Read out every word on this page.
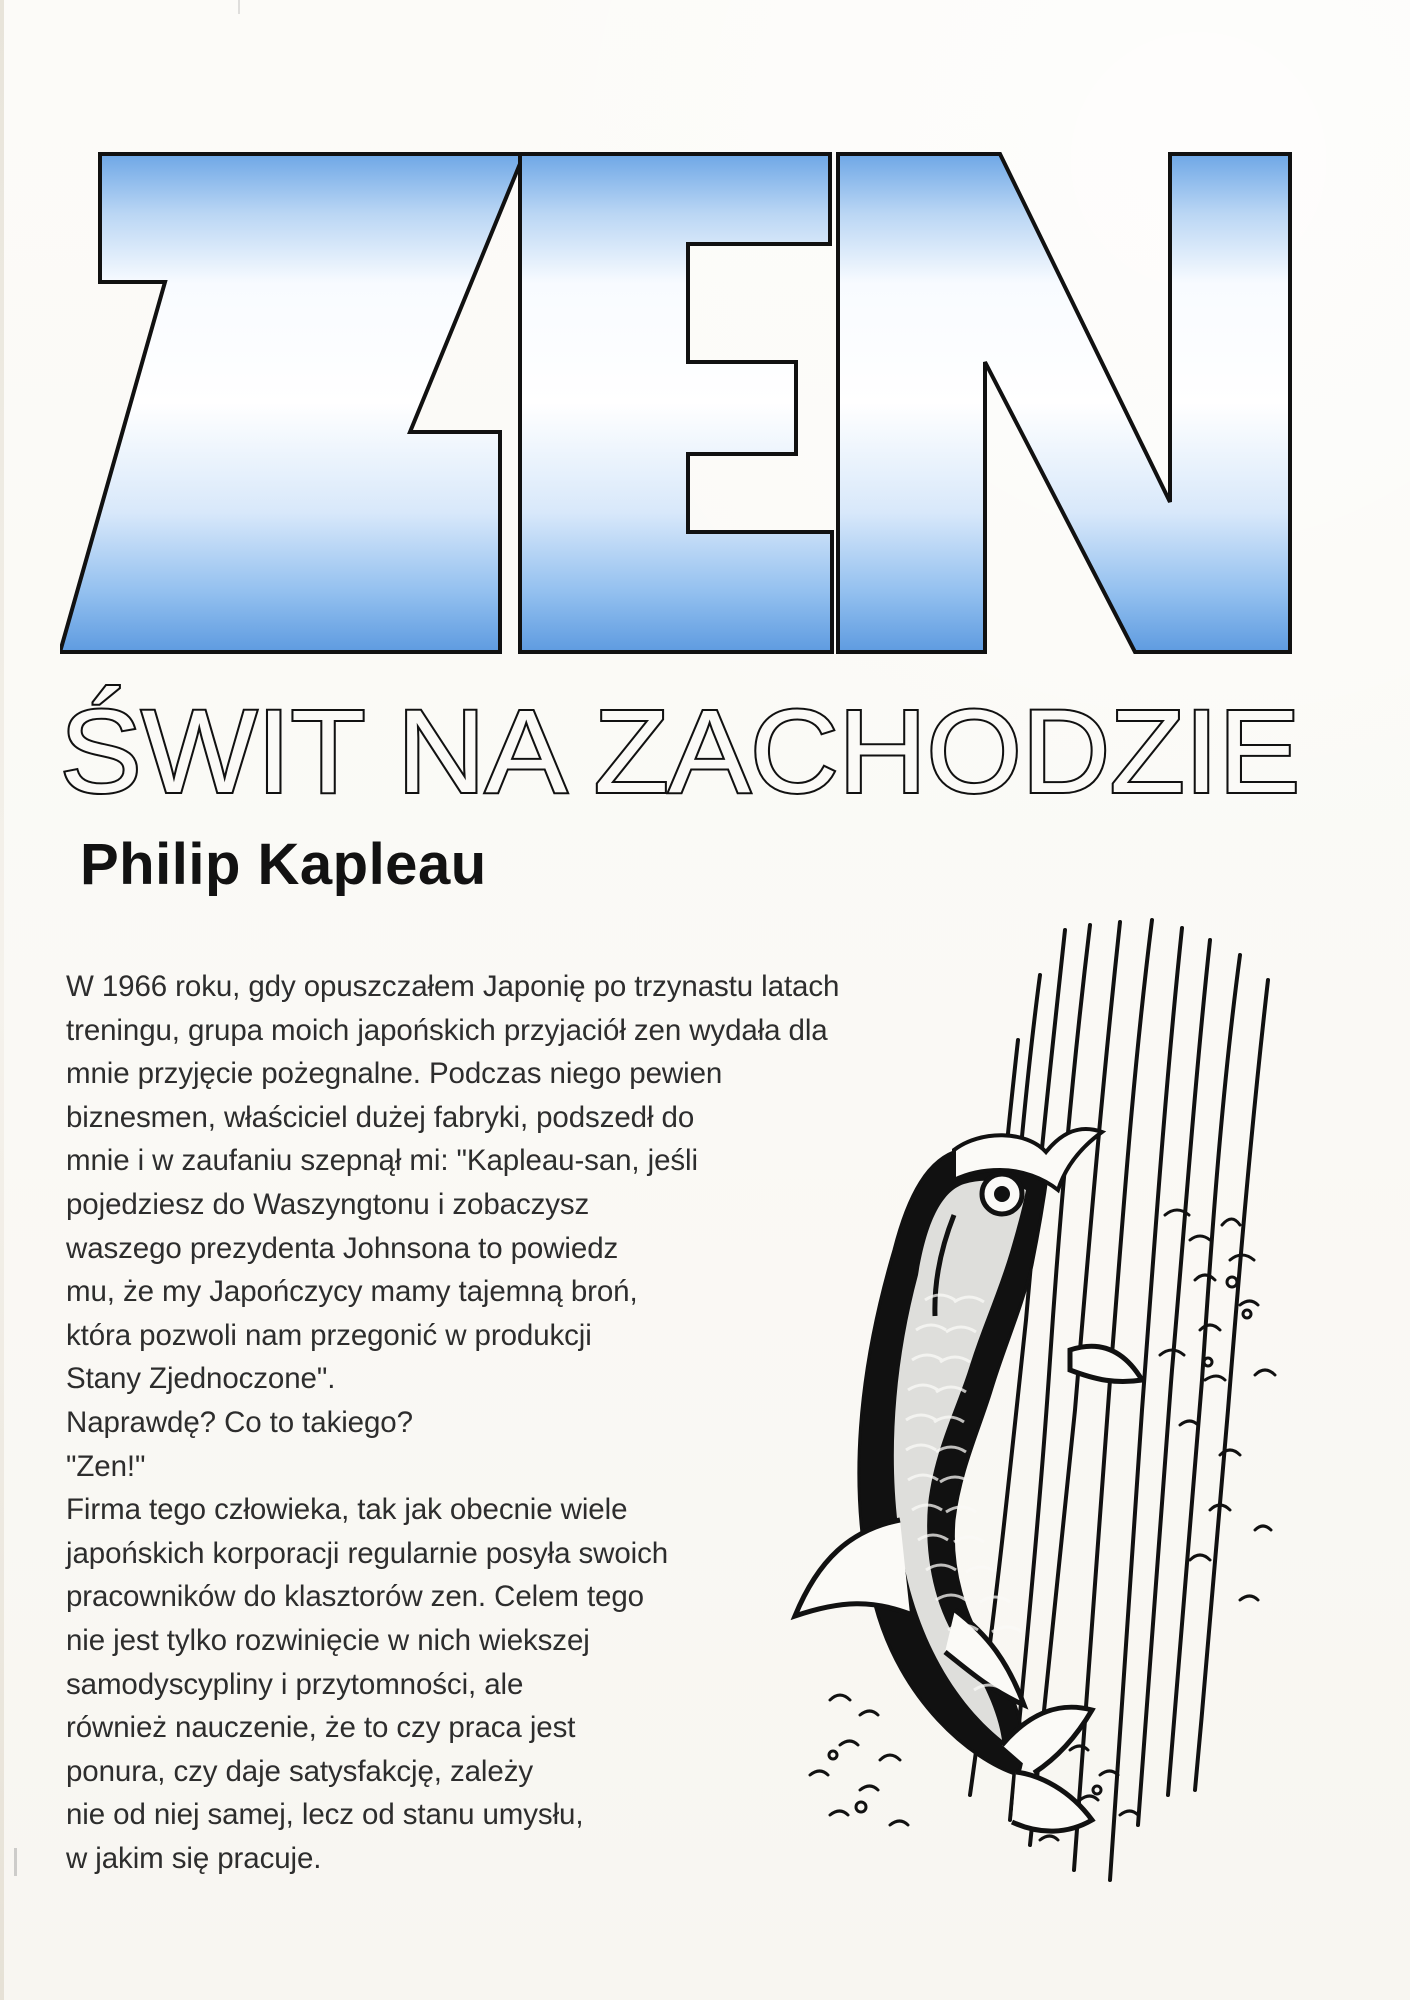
ŚWIT NA ZACHODZIE
Philip Kapleau
W 1966 roku, gdy opuszczałem Japonię po trzynastu latach
treningu, grupa moich japońskich przyjaciół zen wydała dla
mnie przyjęcie pożegnalne. Podczas niego pewien
biznesmen, właściciel dużej fabryki, podszedł do
mnie i w zaufaniu szepnął mi: "Kapleau-san, jeśli
pojedziesz do Waszyngtonu i zobaczysz
waszego prezydenta Johnsona to powiedz
mu, że my Japończycy mamy tajemną broń,
która pozwoli nam przegonić w produkcji
Stany Zjednoczone".
Naprawdę? Co to takiego?
"Zen!"
Firma tego człowieka, tak jak obecnie wiele
japońskich korporacji regularnie posyła swoich
pracowników do klasztorów zen. Celem tego
nie jest tylko rozwinięcie w nich wiekszej
samodyscypliny i przytomności, ale
również nauczenie, że to czy praca jest
ponura, czy daje satysfakcję, zależy
nie od niej samej, lecz od stanu umysłu,
w jakim się pracuje.
